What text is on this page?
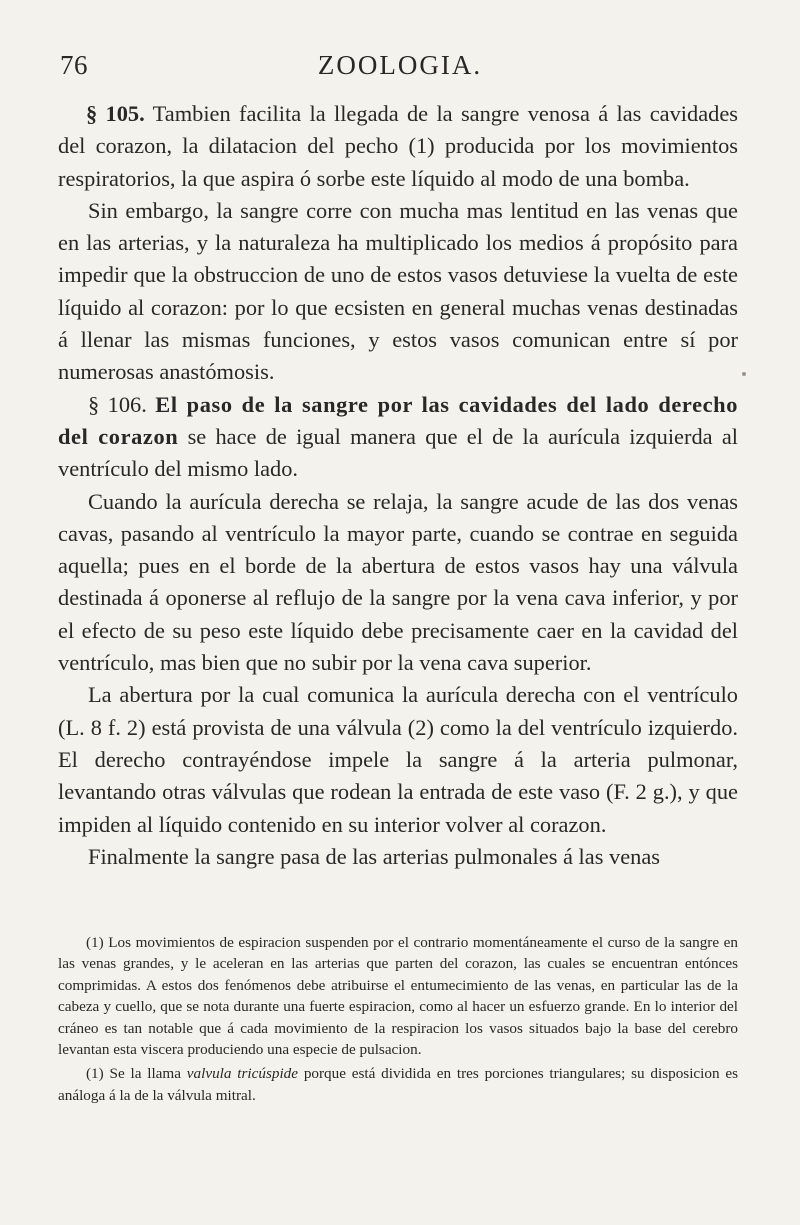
76	ZOOLOGIA.

§ 105. Tambien facilita la llegada de la sangre venosa á las cavidades del corazon, la dilatacion del pecho (1) producida por los movimientos respiratorios, la que aspira ó sorbe este líquido al modo de una bomba.

Sin embargo, la sangre corre con mucha mas lentitud en las venas que en las arterias, y la naturaleza ha multiplicado los medios á propósito para impedir que la obstruccion de uno de estos vasos detuviese la vuelta de este líquido al corazon: por lo que ecsisten en general muchas venas destinadas á llenar las mismas funciones, y estos vasos comunican entre sí por numerosas anastómosis.

§ 106. El paso de la sangre por las cavidades del lado derecho del corazon se hace de igual manera que el de la aurícula izquierda al ventrículo del mismo lado.

Cuando la aurícula derecha se relaja, la sangre acude de las dos venas cavas, pasando al ventrículo la mayor parte, cuando se contrae en seguida aquella; pues en el borde de la abertura de estos vasos hay una válvula destinada á oponerse al reflujo de la sangre por la vena cava inferior, y por el efecto de su peso este líquido debe precisamente caer en la cavidad del ventrículo, mas bien que no subir por la vena cava superior.

La abertura por la cual comunica la aurícula derecha con el ventrículo (L. 8 f. 2) está provista de una válvula (2) como la del ventrículo izquierdo. El derecho contrayéndose impele la sangre á la arteria pulmonar, levantando otras válvulas que rodean la entrada de este vaso (F. 2 g.), y que impiden al líquido contenido en su interior volver al corazon.

Finalmente la sangre pasa de las arterias pulmonales á las venas

(1) Los movimientos de espiracion suspenden por el contrario momentáneamente el curso de la sangre en las venas grandes, y le aceleran en las arterias que parten del corazon, las cuales se encuentran entónces comprimidas. A estos dos fenómenos debe atribuirse el entumecimiento de las venas, en particular las de la cabeza y cuello, que se nota durante una fuerte espiracion, como al hacer un esfuerzo grande. En lo interior del cráneo es tan notable que á cada movimiento de la respiracion los vasos situados bajo la base del cerebro levantan esta viscera produciendo una especie de pulsacion.

(1) Se la llama valvula tricúspide porque está dividida en tres porciones triangulares; su disposicion es análoga á la de la válvula mitral.
